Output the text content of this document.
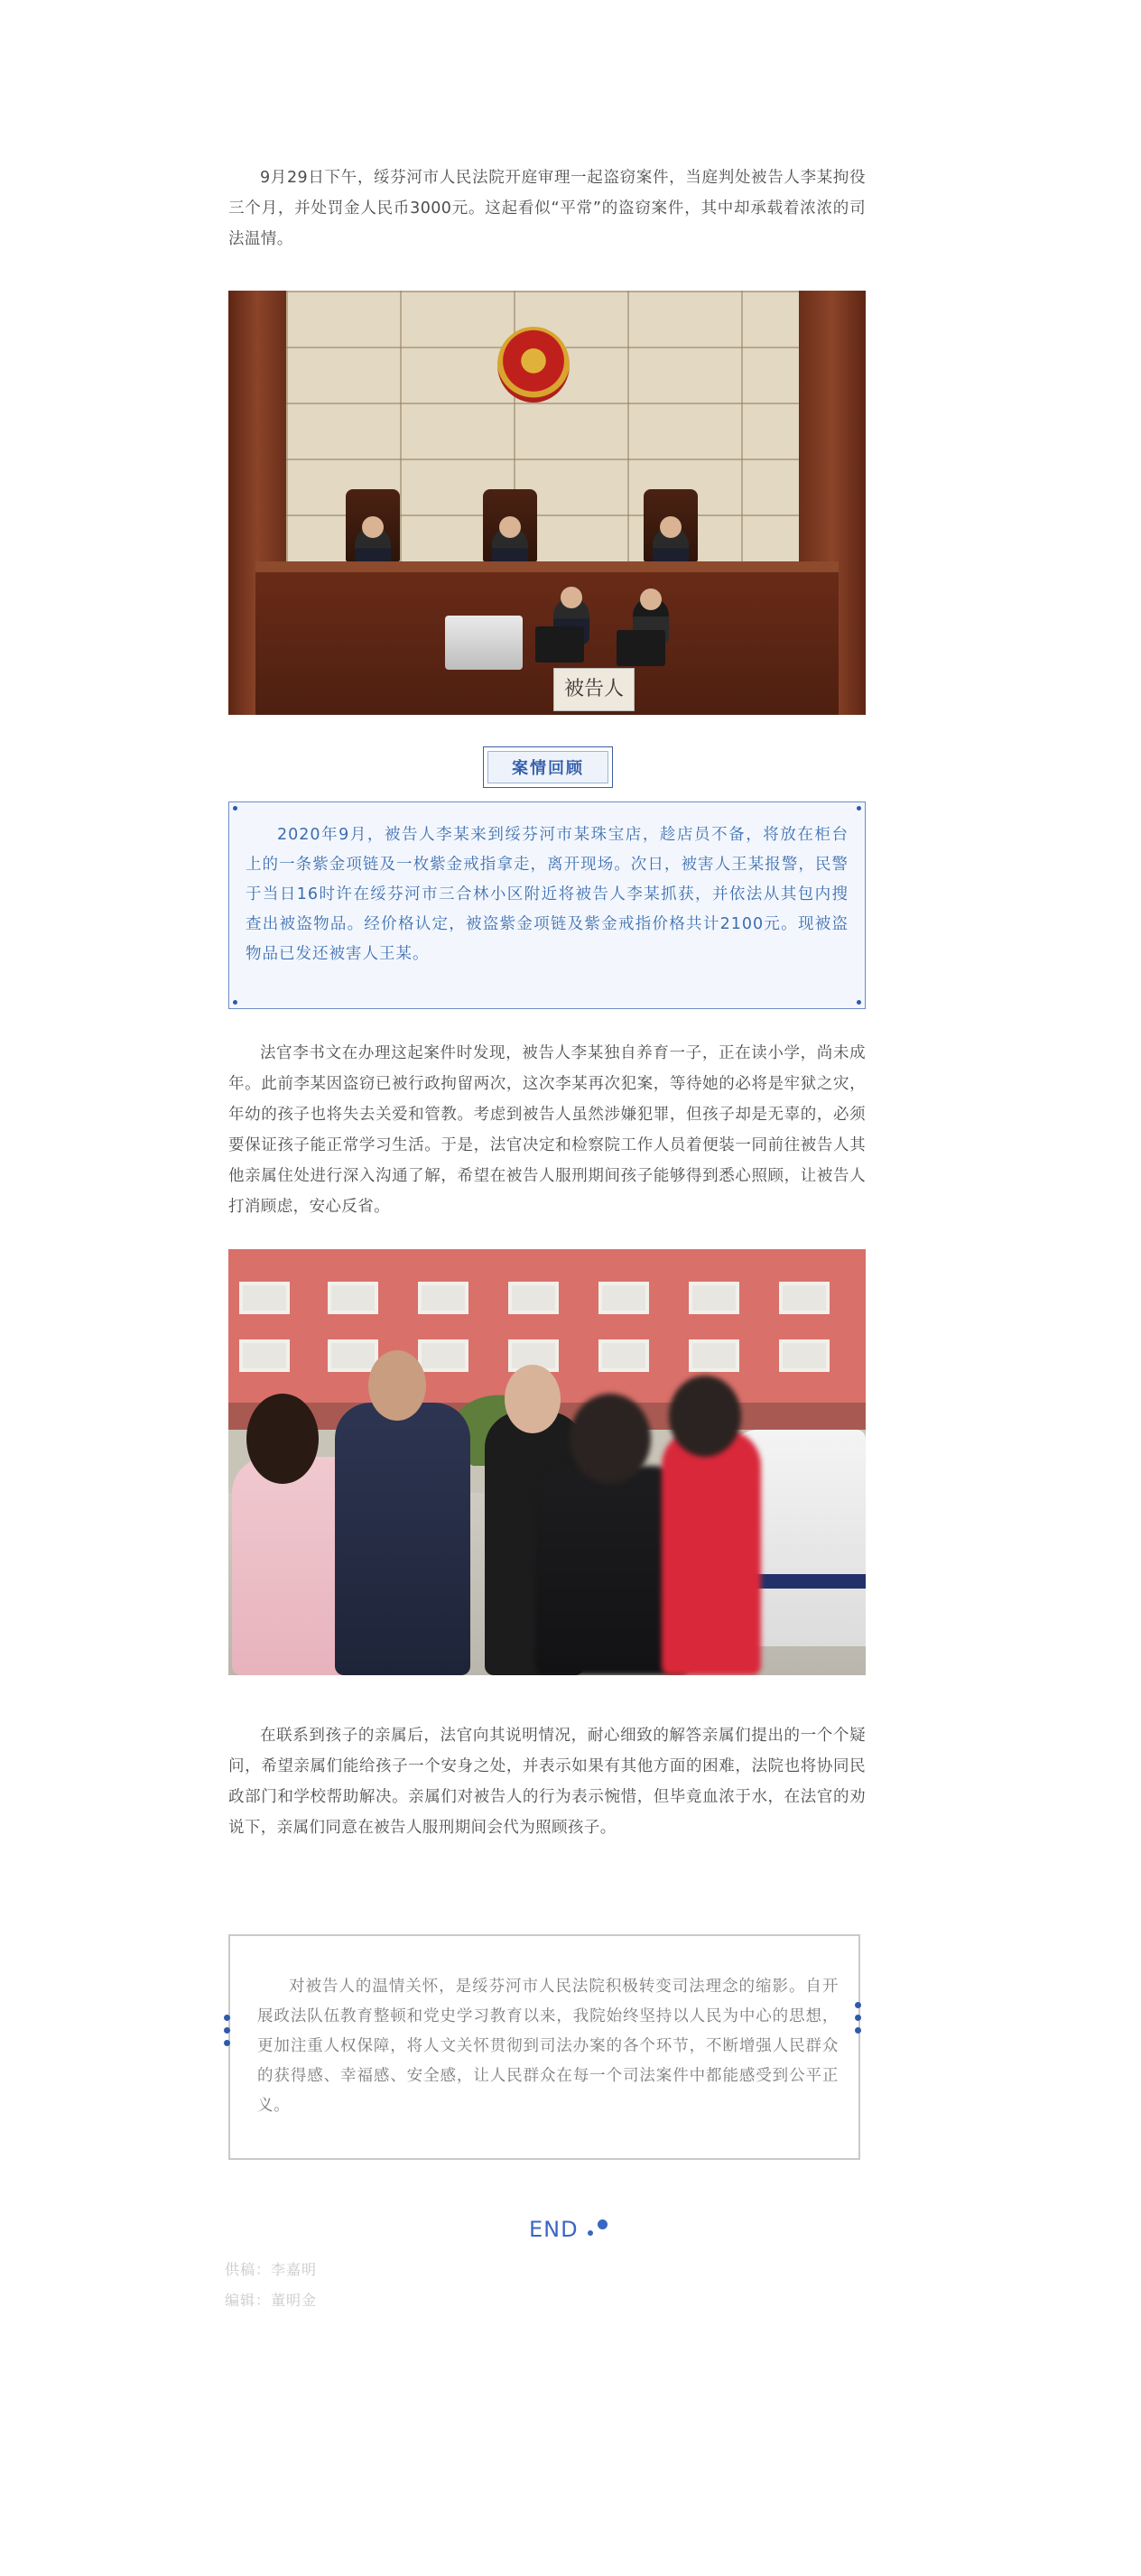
9月29日下午，绥芬河市人民法院开庭审理一起盗窃案件，当庭判处被告人李某拘役三个月，并处罚金人民币3000元。这起看似“平常”的盗窃案件，其中却承载着浓浓的司法温情。

被告人
案情回顾

2020年9月，被告人李某来到绥芬河市某珠宝店，趁店员不备，将放在柜台上的一条紫金项链及一枚紫金戒指拿走，离开现场。次日，被害人王某报警，民警于当日16时许在绥芬河市三合林小区附近将被告人李某抓获，并依法从其包内搜查出被盗物品。经价格认定，被盗紫金项链及紫金戒指价格共计2100元。现被盗物品已发还被害人王某。

法官李书文在办理这起案件时发现，被告人李某独自养育一子，正在读小学，尚未成年。此前李某因盗窃已被行政拘留两次，这次李某再次犯案，等待她的必将是牢狱之灾，年幼的孩子也将失去关爱和管教。考虑到被告人虽然涉嫌犯罪，但孩子却是无辜的，必须要保证孩子能正常学习生活。于是，法官决定和检察院工作人员着便装一同前往被告人其他亲属住处进行深入沟通了解，希望在被告人服刑期间孩子能够得到悉心照顾，让被告人打消顾虑，安心反省。

在联系到孩子的亲属后，法官向其说明情况，耐心细致的解答亲属们提出的一个个疑问，希望亲属们能给孩子一个安身之处，并表示如果有其他方面的困难，法院也将协同民政部门和学校帮助解决。亲属们对被告人的行为表示惋惜，但毕竟血浓于水，在法官的劝说下，亲属们同意在被告人服刑期间会代为照顾孩子。

对被告人的温情关怀，是绥芬河市人民法院积极转变司法理念的缩影。自开展政法队伍教育整顿和党史学习教育以来，我院始终坚持以人民为中心的思想，更加注重人权保障，将人文关怀贯彻到司法办案的各个环节，不断增强人民群众的获得感、幸福感、安全感，让人民群众在每一个司法案件中都能感受到公平正义。

END
供稿：李嘉明
编辑：董明金
